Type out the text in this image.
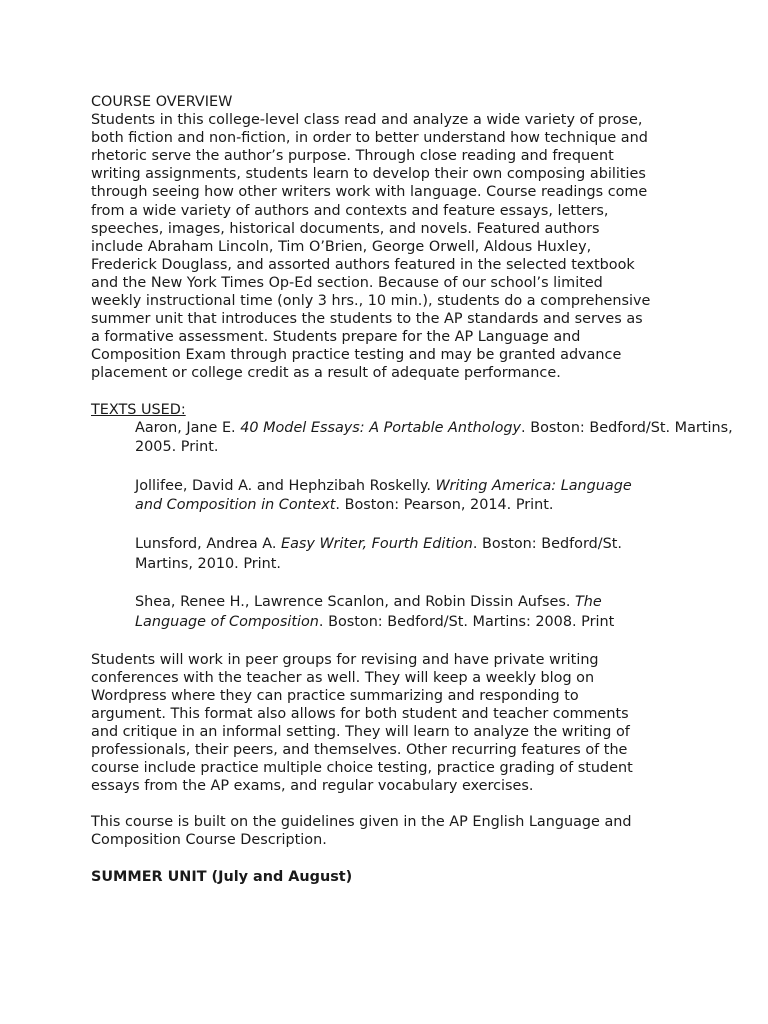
COURSE OVERVIEW

Students in this college-level class read and analyze a wide variety of prose,
both fiction and non-fiction, in order to better understand how technique and
rhetoric serve the author’s purpose. Through close reading and frequent
writing assignments, students learn to develop their own composing abilities
through seeing how other writers work with language. Course readings come
from a wide variety of authors and contexts and feature essays, letters,
speeches, images, historical documents, and novels. Featured authors
include Abraham Lincoln, Tim O’Brien, George Orwell, Aldous Huxley,
Frederick Douglass, and assorted authors featured in the selected textbook
and the New York Times Op-Ed section. Because of our school’s limited
weekly instructional time (only 3 hrs., 10 min.), students do a comprehensive
summer unit that introduces the students to the AP standards and serves as
a formative assessment. Students prepare for the AP Language and
Composition Exam through practice testing and may be granted advance
placement or college credit as a result of adequate performance.

TEXTS USED:

Aaron, Jane E. 40 Model Essays: A Portable Anthology. Boston: Bedford/St. Martins,
2005. Print.

Jollifee, David A. and Hephzibah Roskelly. Writing America: Language
and Composition in Context. Boston: Pearson, 2014. Print.

Lunsford, Andrea A. Easy Writer, Fourth Edition. Boston: Bedford/St.
Martins, 2010. Print.

Shea, Renee H., Lawrence Scanlon, and Robin Dissin Aufses. The
Language of Composition. Boston: Bedford/St. Martins: 2008. Print

Students will work in peer groups for revising and have private writing
conferences with the teacher as well. They will keep a weekly blog on
Wordpress where they can practice summarizing and responding to
argument. This format also allows for both student and teacher comments
and critique in an informal setting. They will learn to analyze the writing of
professionals, their peers, and themselves. Other recurring features of the
course include practice multiple choice testing, practice grading of student
essays from the AP exams, and regular vocabulary exercises.

This course is built on the guidelines given in the AP English Language and
Composition Course Description.

SUMMER UNIT (July and August)
